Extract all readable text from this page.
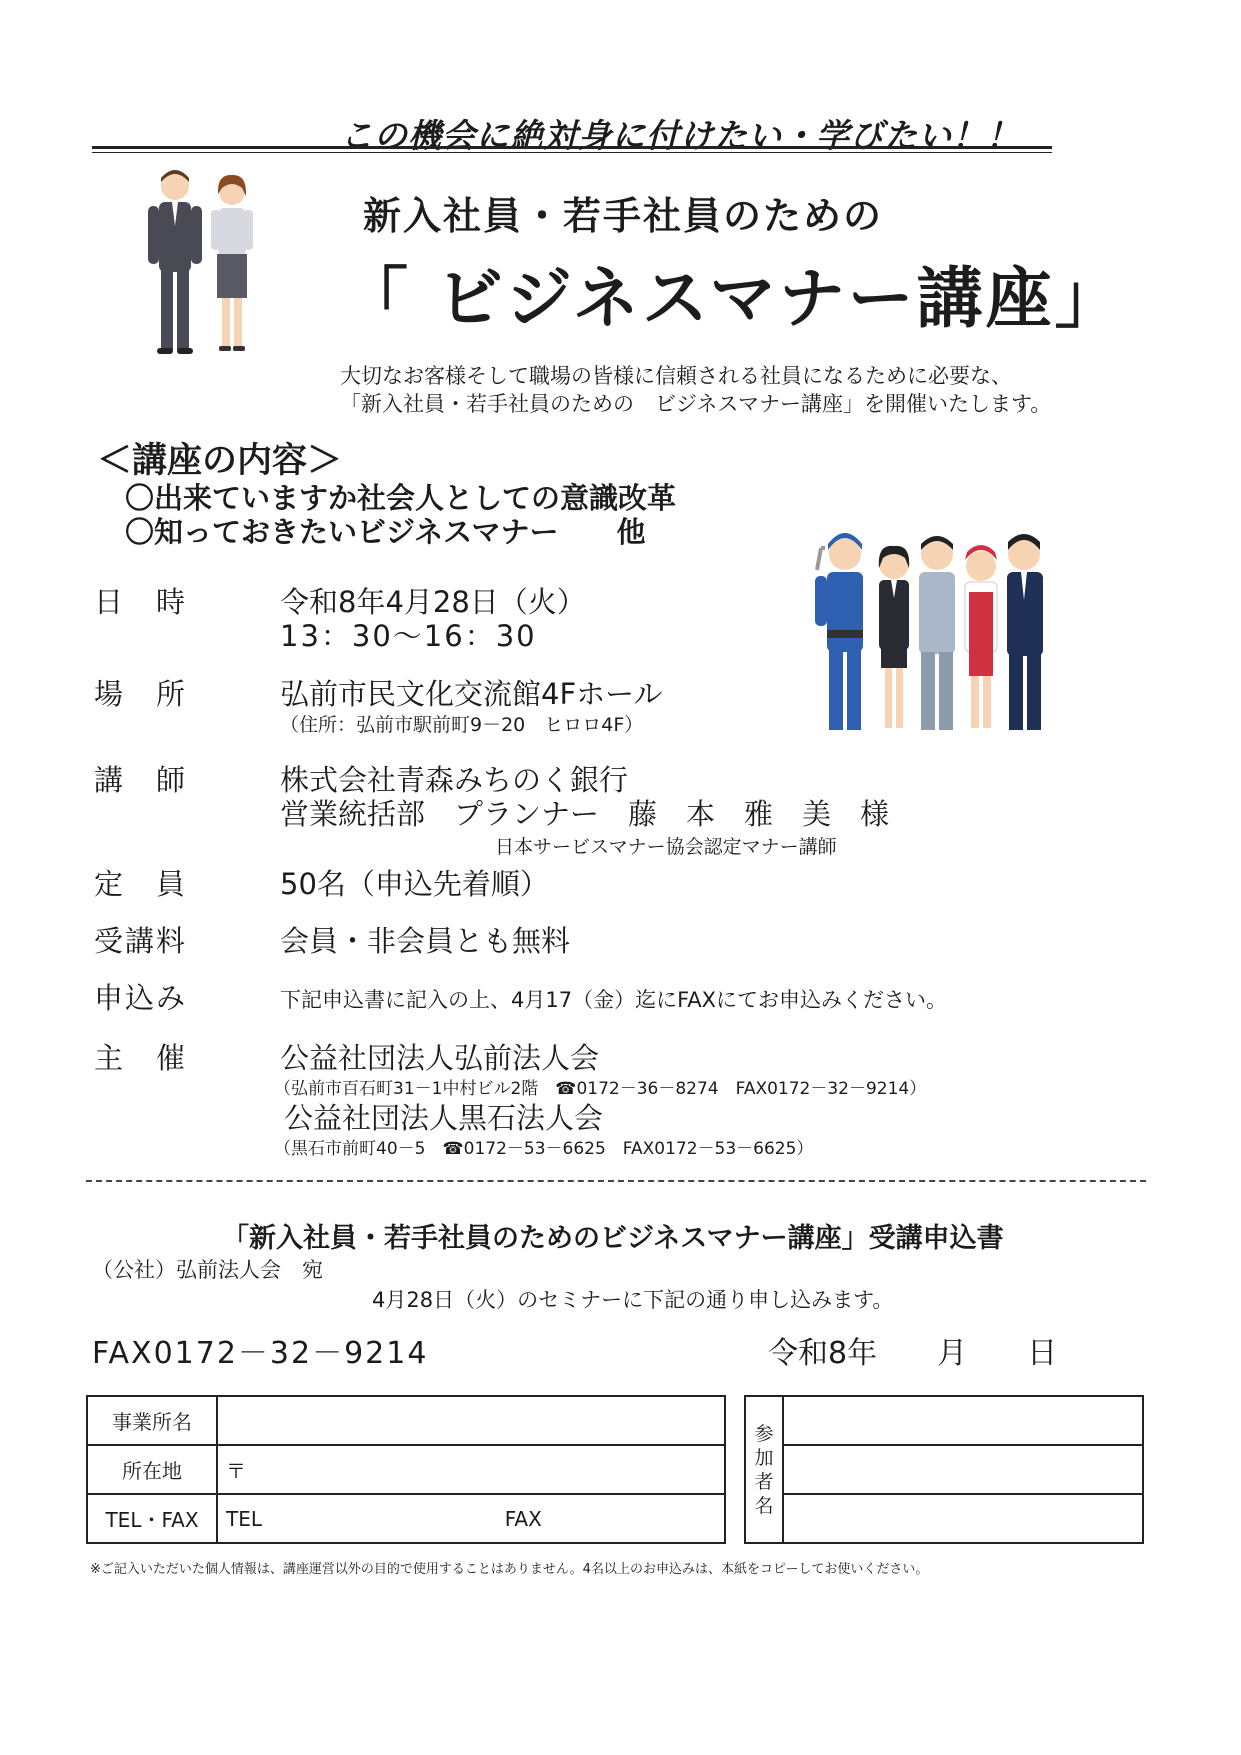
この機会に絶対身に付けたい・学びたい！！
新入社員・若手社員のための
「 ビジネスマナー講座」
大切なお客様そして職場の皆様に信頼される社員になるために必要な、
「新入社員・若手社員のための　ビジネスマナー講座」を開催いたします。
＜講座の内容＞
〇出来ていますか社会人としての意識改革
〇知っておきたいビジネスマナー　　他
日　時	令和8年4月28日（火）
13：30～16：30
場　所	弘前市民文化交流館4Fホール
（住所：弘前市駅前町9－20　ヒロロ4F）
講　師	株式会社青森みちのく銀行
営業統括部　プランナー　藤　本　雅　美　様
日本サービスマナー協会認定マナー講師
定　員	50名（申込先着順）
受講料	会員・非会員とも無料
申込み	下記申込書に記入の上、4月17（金）迄にFAXにてお申込みください。
主　催	公益社団法人弘前法人会
（弘前市百石町31－1中村ビル2階　☎0172－36－8274　FAX0172－32－9214）
公益社団法人黒石法人会
（黒石市前町40－5　☎0172－53－6625　FAX0172－53－6625）
「新入社員・若手社員のためのビジネスマナー講座」受講申込書
（公社）弘前法人会　宛
4月28日（火）のセミナーに下記の通り申し込みます。
FAX0172－32－9214	令和8年　　月　　日
事業所名	
所在地	〒
TEL・FAX	TEL FAX
参
加
者
名

※ご記入いただいた個人情報は、講座運営以外の目的で使用することはありません。4名以上のお申込みは、本紙をコピーしてお使いください。
